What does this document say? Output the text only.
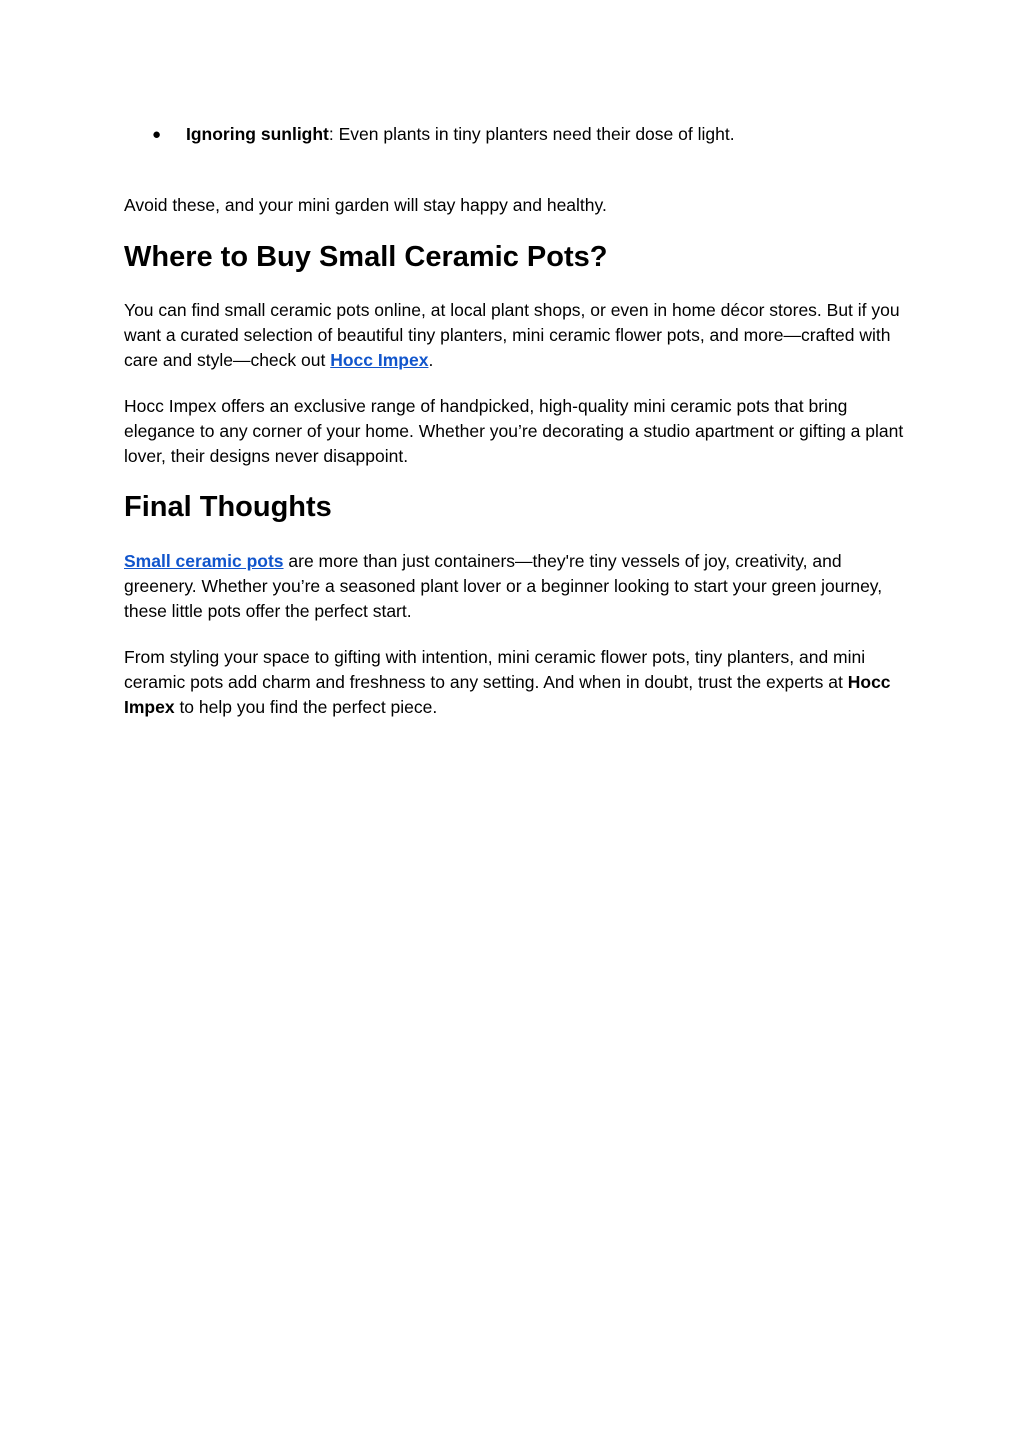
● Ignoring sunlight: Even plants in tiny planters need their dose of light.

Avoid these, and your mini garden will stay happy and healthy.

Where to Buy Small Ceramic Pots?

You can find small ceramic pots online, at local plant shops, or even in home décor stores. But if you want a curated selection of beautiful tiny planters, mini ceramic flower pots, and more—crafted with care and style—check out Hocc Impex.

Hocc Impex offers an exclusive range of handpicked, high-quality mini ceramic pots that bring elegance to any corner of your home. Whether you’re decorating a studio apartment or gifting a plant lover, their designs never disappoint.

Final Thoughts

Small ceramic pots are more than just containers—they're tiny vessels of joy, creativity, and greenery. Whether you’re a seasoned plant lover or a beginner looking to start your green journey, these little pots offer the perfect start.

From styling your space to gifting with intention, mini ceramic flower pots, tiny planters, and mini ceramic pots add charm and freshness to any setting. And when in doubt, trust the experts at Hocc Impex to help you find the perfect piece.
